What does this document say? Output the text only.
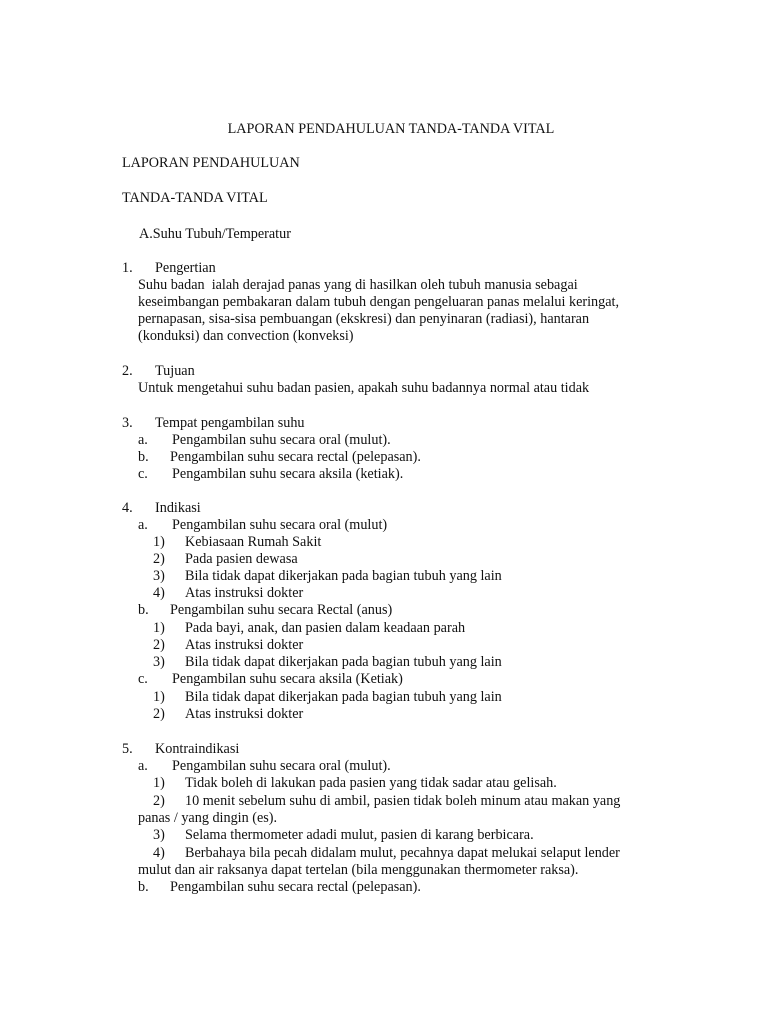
LAPORAN PENDAHULUAN TANDA-TANDA VITAL
LAPORAN PENDAHULUAN
TANDA-TANDA VITAL
A.Suhu Tubuh/Temperatur
1. Pengertian
Suhu badan  ialah derajad panas yang di hasilkan oleh tubuh manusia sebagai
keseimbangan pembakaran dalam tubuh dengan pengeluaran panas melalui keringat,
pernapasan, sisa-sisa pembuangan (ekskresi) dan penyinaran (radiasi), hantaran
(konduksi) dan convection (konveksi)
2. Tujuan
Untuk mengetahui suhu badan pasien, apakah suhu badannya normal atau tidak
3. Tempat pengambilan suhu
a. Pengambilan suhu secara oral (mulut).
b. Pengambilan suhu secara rectal (pelepasan).
c. Pengambilan suhu secara aksila (ketiak).
4. Indikasi
a. Pengambilan suhu secara oral (mulut)
1) Kebiasaan Rumah Sakit
2) Pada pasien dewasa
3) Bila tidak dapat dikerjakan pada bagian tubuh yang lain
4) Atas instruksi dokter
b. Pengambilan suhu secara Rectal (anus)
1) Pada bayi, anak, dan pasien dalam keadaan parah
2) Atas instruksi dokter
3) Bila tidak dapat dikerjakan pada bagian tubuh yang lain
c. Pengambilan suhu secara aksila (Ketiak)
1) Bila tidak dapat dikerjakan pada bagian tubuh yang lain
2) Atas instruksi dokter
5. Kontraindikasi
a. Pengambilan suhu secara oral (mulut).
1) Tidak boleh di lakukan pada pasien yang tidak sadar atau gelisah.
2) 10 menit sebelum suhu di ambil, pasien tidak boleh minum atau makan yang
panas / yang dingin (es).
3) Selama thermometer adadi mulut, pasien di karang berbicara.
4) Berbahaya bila pecah didalam mulut, pecahnya dapat melukai selaput lender
mulut dan air raksanya dapat tertelan (bila menggunakan thermometer raksa).
b. Pengambilan suhu secara rectal (pelepasan).
